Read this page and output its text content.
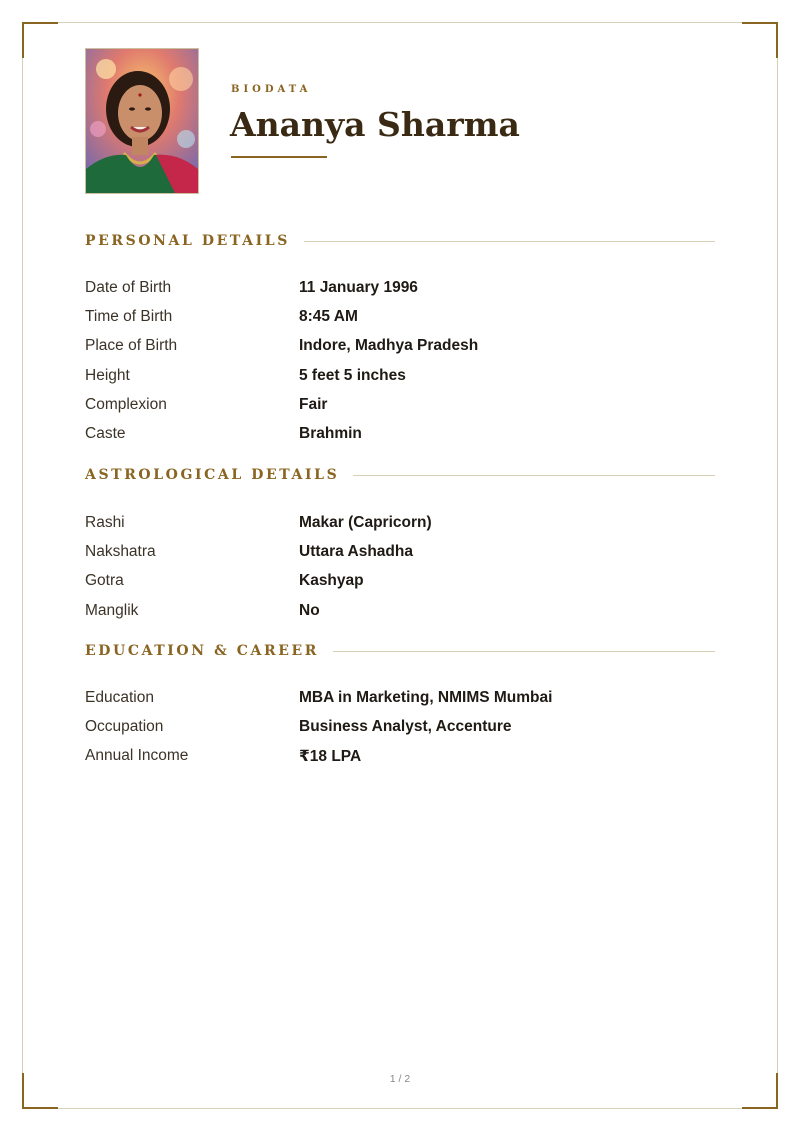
BIODATA

Ananya Sharma
PERSONAL DETAILS
Date of Birth	11 January 1996
Time of Birth	8:45 AM
Place of Birth	Indore, Madhya Pradesh
Height	5 feet 5 inches
Complexion	Fair
Caste	Brahmin
ASTROLOGICAL DETAILS
Rashi	Makar (Capricorn)
Nakshatra	Uttara Ashadha
Gotra	Kashyap
Manglik	No
EDUCATION & CAREER
Education	MBA in Marketing, NMIMS Mumbai
Occupation	Business Analyst, Accenture
Annual Income	₹18 LPA
1 / 2
